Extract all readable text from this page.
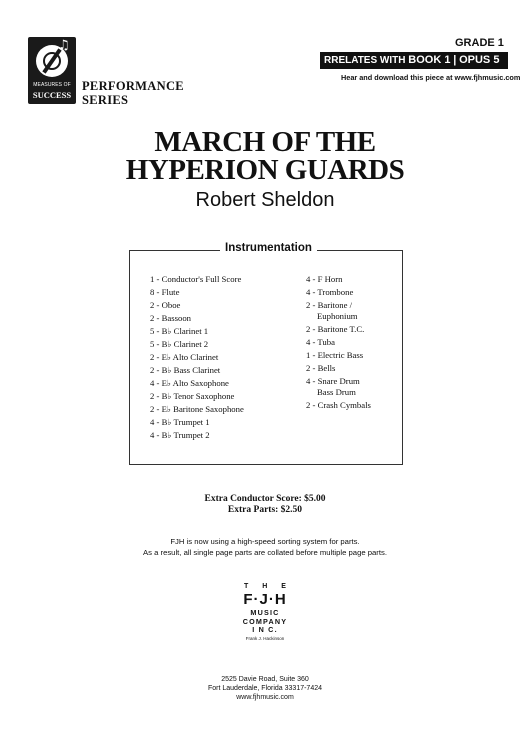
♫
MEASURES OF
SUCCESS
PERFORMANCE
SERIES
GRADE 1
RRELATES WITH BOOK 1 | OPUS 5
Hear and download this piece at www.fjhmusic.com
MARCH OF THE
HYPERION GUARDS
Robert Sheldon
Instrumentation
1 - Conductor's Full Score
8 - Flute
2 - Oboe
2 - Bassoon
5 - B♭ Clarinet 1
5 - B♭ Clarinet 2
2 - E♭ Alto Clarinet
2 - B♭ Bass Clarinet
4 - E♭ Alto Saxophone
2 - B♭ Tenor Saxophone
2 - E♭ Baritone Saxophone
4 - B♭ Trumpet 1
4 - B♭ Trumpet 2
4 - F Horn
4 - Trombone
2 - Baritone /
Euphonium
2 - Baritone T.C.
4 - Tuba
1 - Electric Bass
2 - Bells
4 - Snare Drum
Bass Drum
2 - Crash Cymbals
Extra Conductor Score: $5.00
Extra Parts: $2.50
FJH is now using a high-speed sorting system for parts.
As a result, all single page parts are collated before multiple page parts.
T H E
F·J·H
MUSIC
COMPANY
I N C.
Frank J. Hackinson
2525 Davie Road, Suite 360
Fort Lauderdale, Florida 33317-7424
www.fjhmusic.com
